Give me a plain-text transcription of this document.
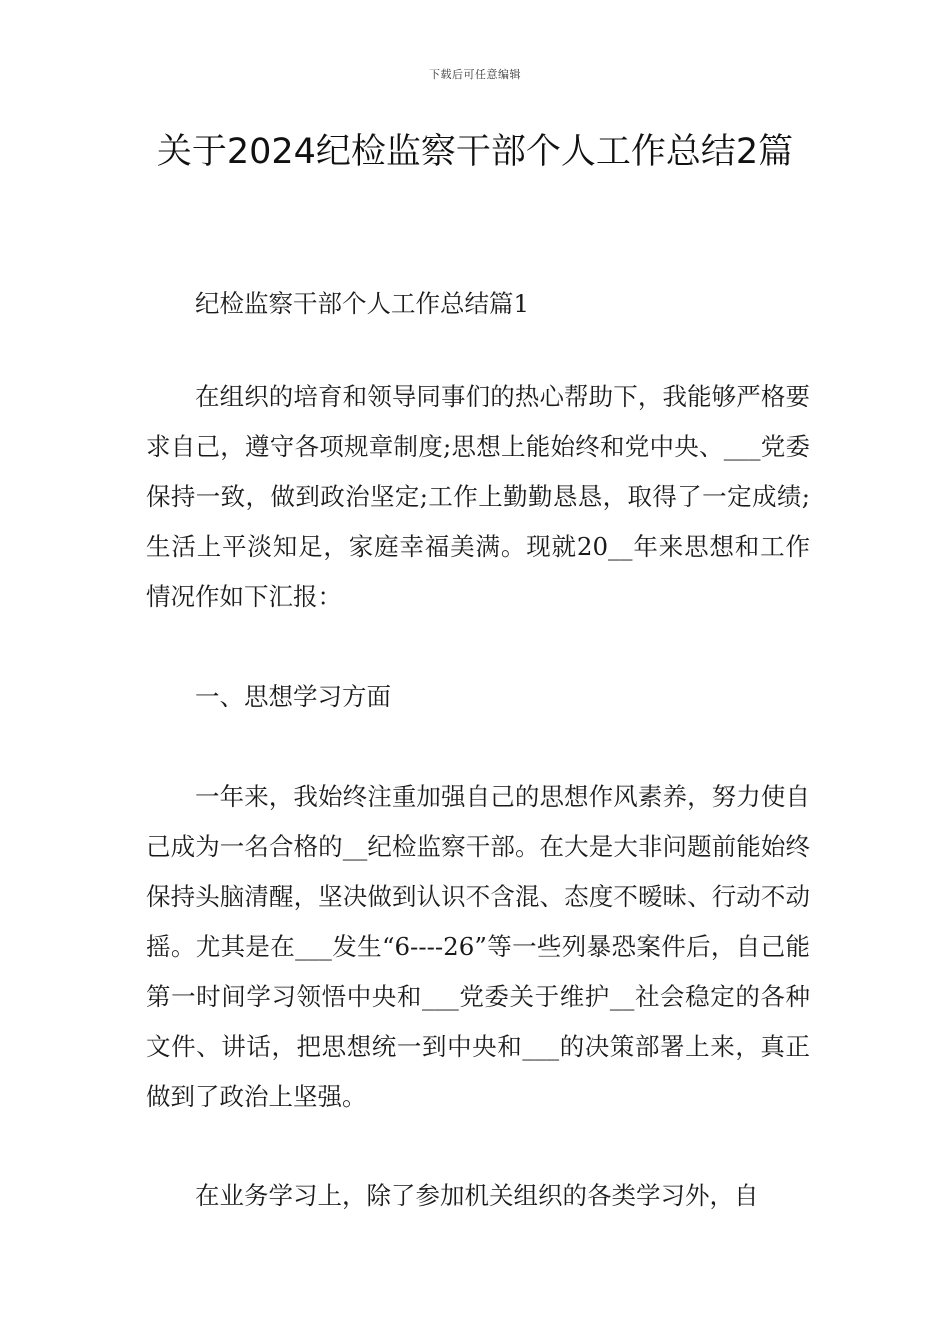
下载后可任意编辑
关于2024纪检监察干部个人工作总结2篇

纪检监察干部个人工作总结篇1

在组织的培育和领导同事们的热心帮助下，我能够严格要求自己，遵守各项规章制度;思想上能始终和党中央、___党委保持一致，做到政治坚定;工作上勤勤恳恳，取得了一定成绩;生活上平淡知足，家庭幸福美满。现就20__年来思想和工作情况作如下汇报：

一、思想学习方面

一年来，我始终注重加强自己的思想作风素养，努力使自己成为一名合格的__纪检监察干部。在大是大非问题前能始终保持头脑清醒，坚决做到认识不含混、态度不暧昧、行动不动摇。尤其是在___发生“6----26”等一些列暴恐案件后，自己能第一时间学习领悟中央和___党委关于维护__社会稳定的各种文件、讲话，把思想统一到中央和___的决策部署上来，真正做到了政治上坚强。

在业务学习上，除了参加机关组织的各类学习外，自
